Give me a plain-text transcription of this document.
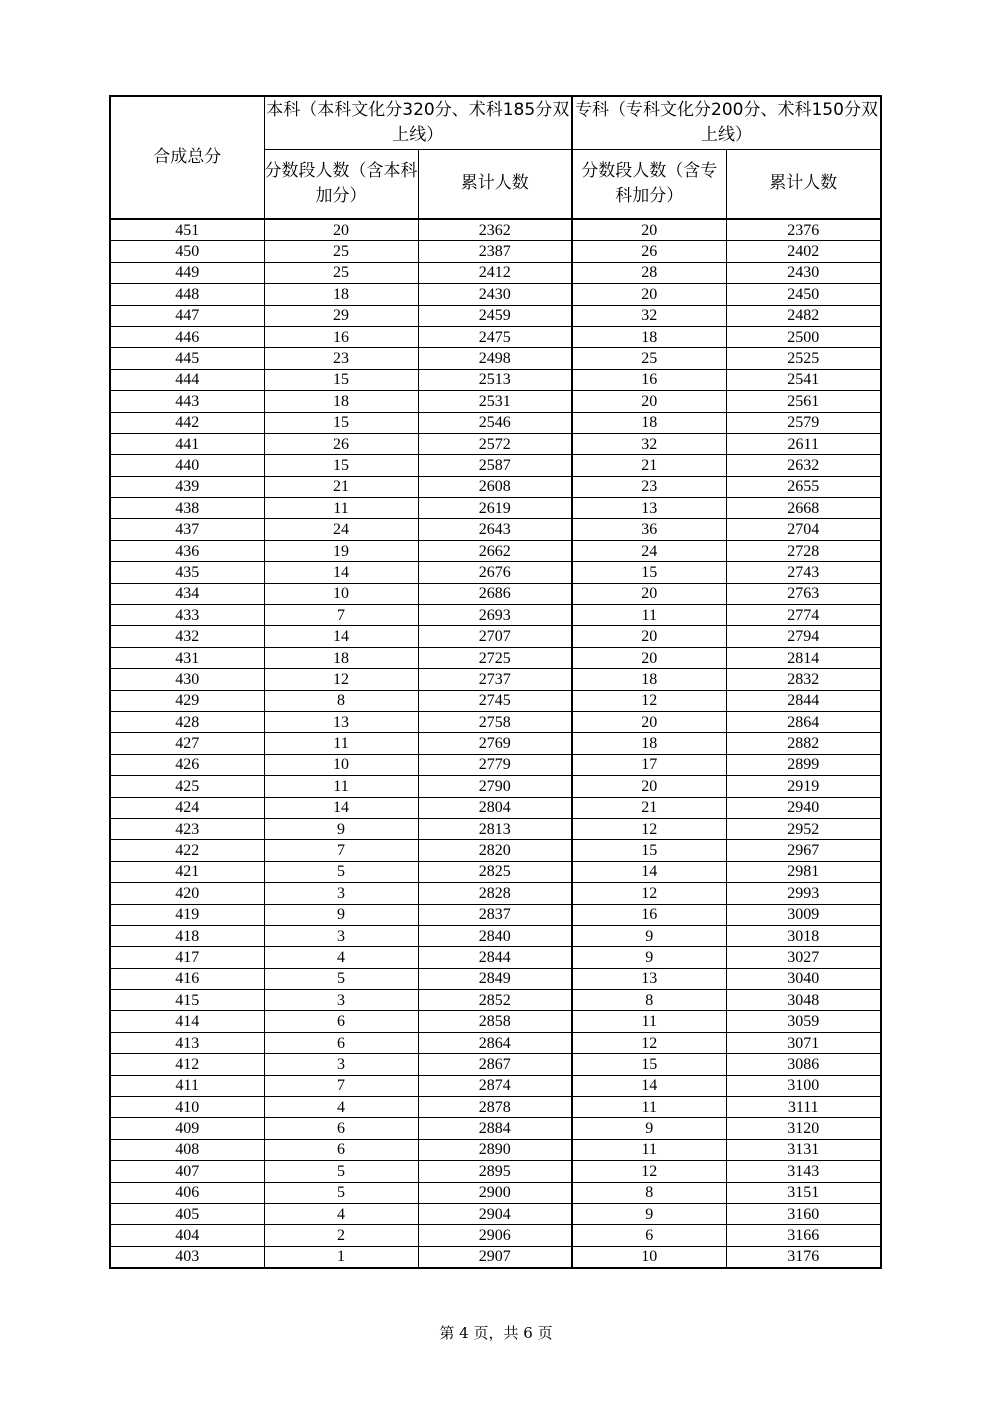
合成总分	本科（本科文化分320分、术科185分双上线）		专科（专科文化分200分、术科150分双上线）	
	分数段人数（含本科加分）	累计人数	分数段人数（含专科加分）	累计人数
451	20	2362	20	2376
450	25	2387	26	2402
449	25	2412	28	2430
448	18	2430	20	2450
447	29	2459	32	2482
446	16	2475	18	2500
445	23	2498	25	2525
444	15	2513	16	2541
443	18	2531	20	2561
442	15	2546	18	2579
441	26	2572	32	2611
440	15	2587	21	2632
439	21	2608	23	2655
438	11	2619	13	2668
437	24	2643	36	2704
436	19	2662	24	2728
435	14	2676	15	2743
434	10	2686	20	2763
433	7	2693	11	2774
432	14	2707	20	2794
431	18	2725	20	2814
430	12	2737	18	2832
429	8	2745	12	2844
428	13	2758	20	2864
427	11	2769	18	2882
426	10	2779	17	2899
425	11	2790	20	2919
424	14	2804	21	2940
423	9	2813	12	2952
422	7	2820	15	2967
421	5	2825	14	2981
420	3	2828	12	2993
419	9	2837	16	3009
418	3	2840	9	3018
417	4	2844	9	3027
416	5	2849	13	3040
415	3	2852	8	3048
414	6	2858	11	3059
413	6	2864	12	3071
412	3	2867	15	3086
411	7	2874	14	3100
410	4	2878	11	3111
409	6	2884	9	3120
408	6	2890	11	3131
407	5	2895	12	3143
406	5	2900	8	3151
405	4	2904	9	3160
404	2	2906	6	3166
403	1	2907	10	3176
第 4 页，共 6 页
